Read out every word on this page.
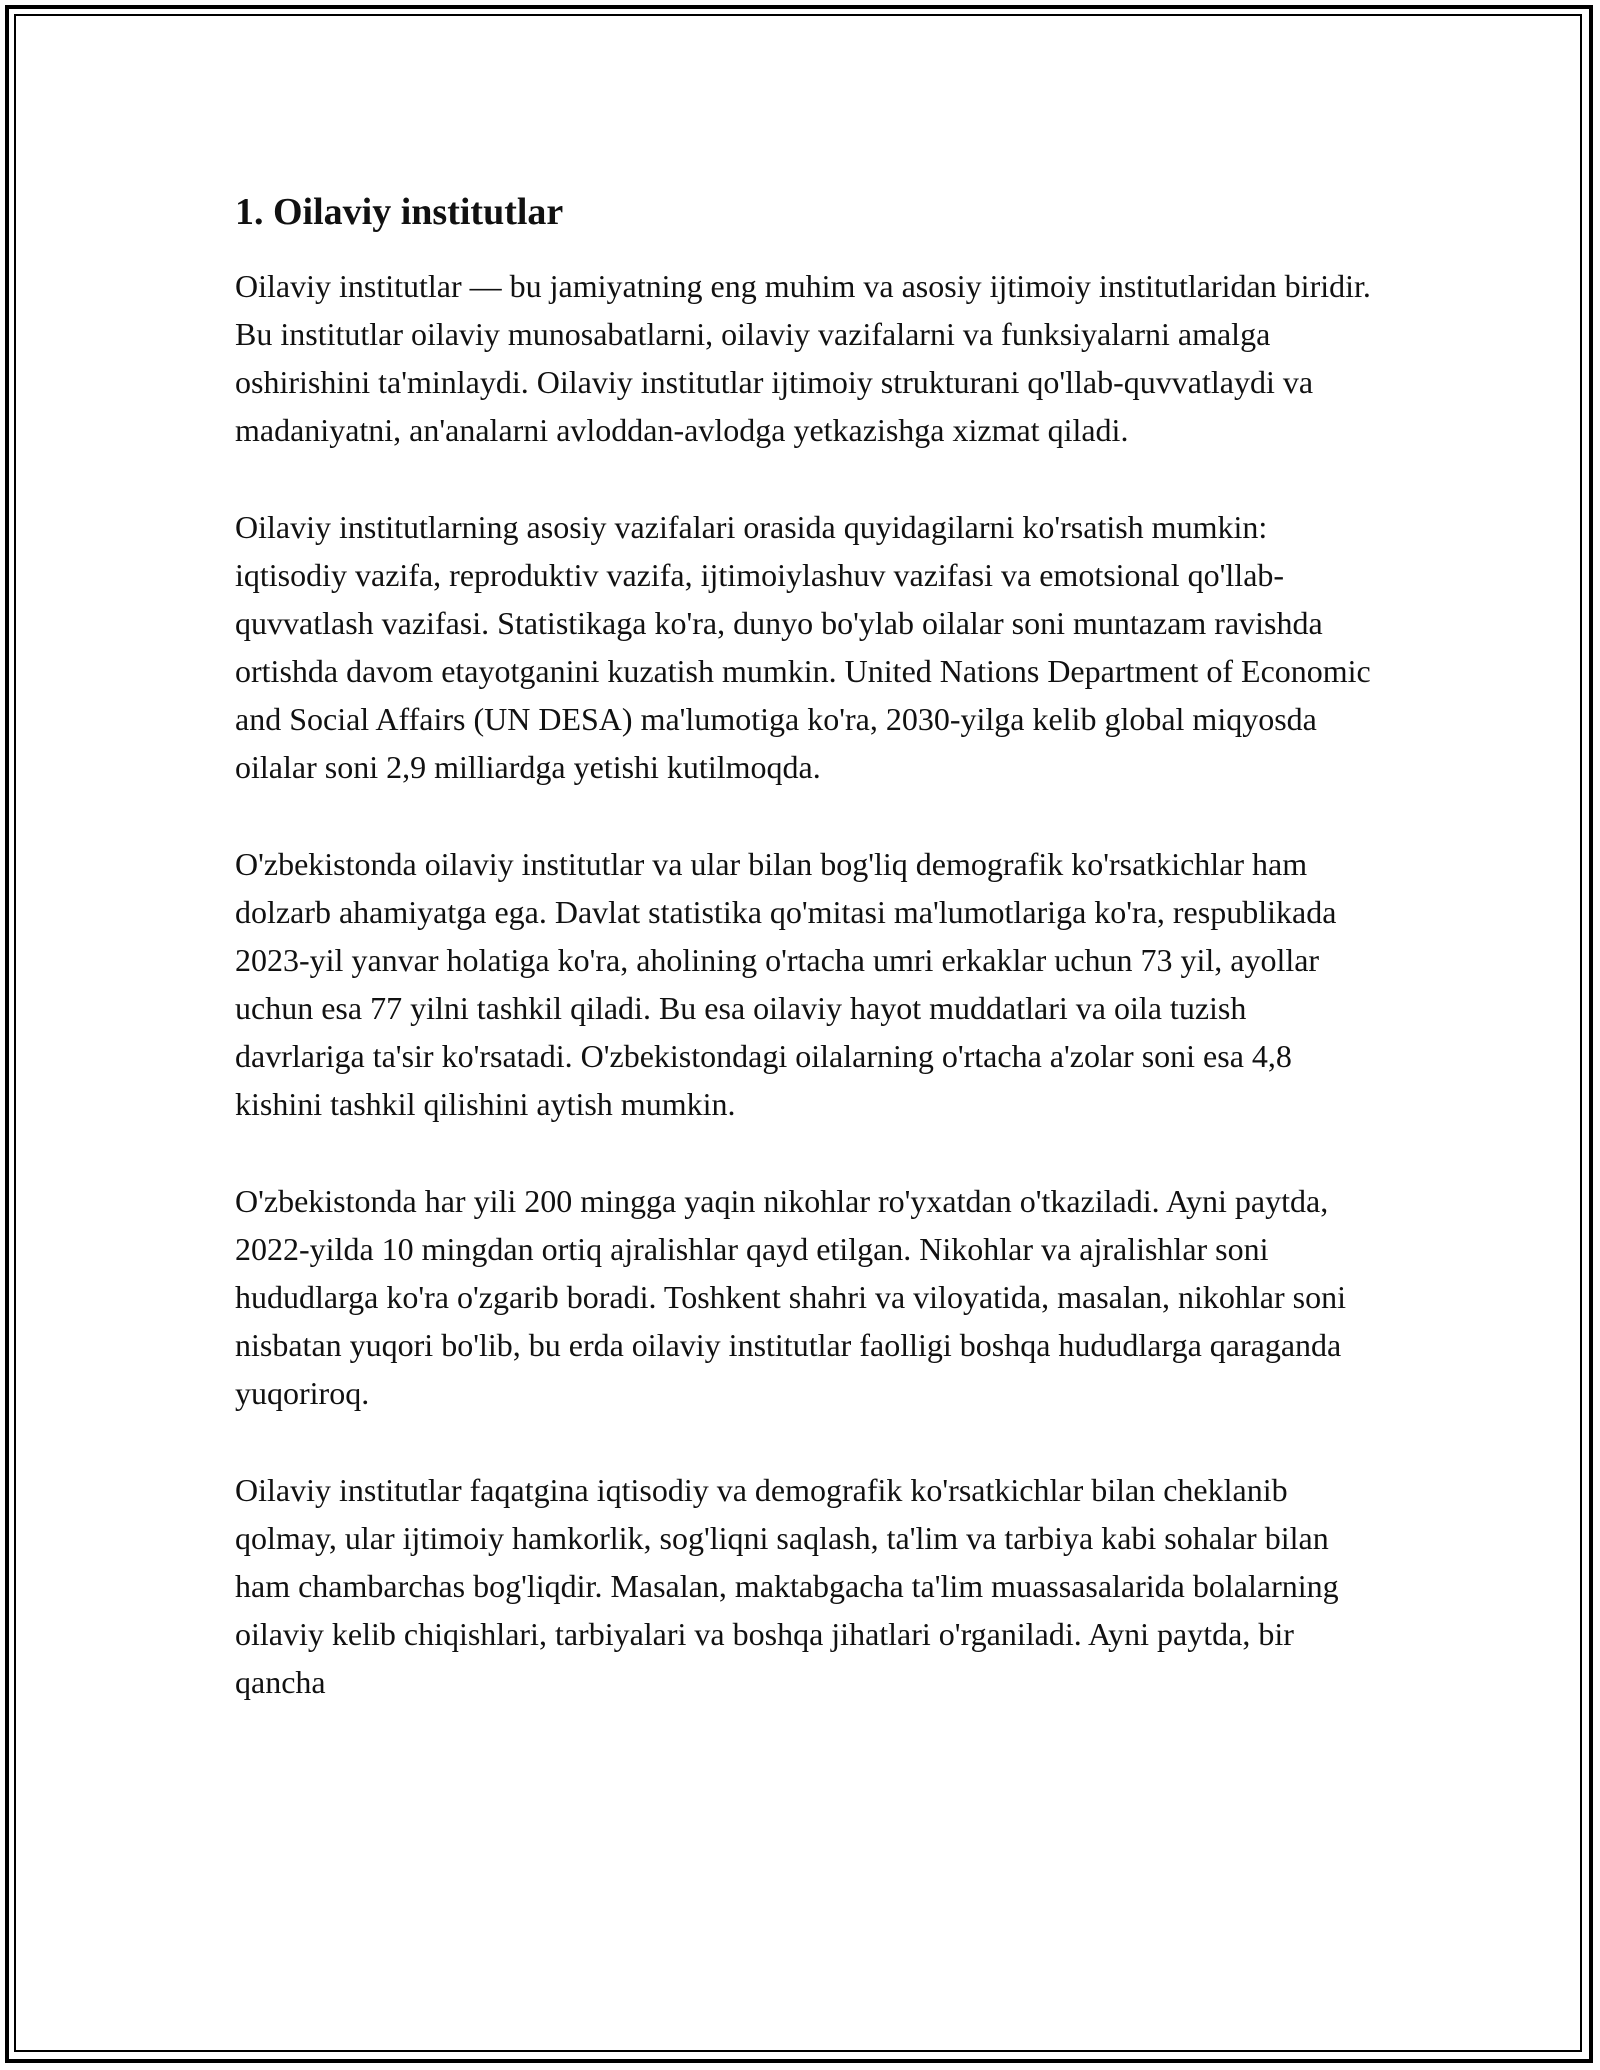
1. Oilaviy institutlar

Oilaviy institutlar — bu jamiyatning eng muhim va asosiy ijtimoiy institutlaridan biridir. Bu institutlar oilaviy munosabatlarni, oilaviy vazifalarni va funksiyalarni amalga oshirishini ta'minlaydi. Oilaviy institutlar ijtimoiy strukturani qo'llab-quvvatlaydi va madaniyatni, an'analarni avloddan-avlodga yetkazishga xizmat qiladi.

Oilaviy institutlarning asosiy vazifalari orasida quyidagilarni ko'rsatish mumkin: iqtisodiy vazifa, reproduktiv vazifa, ijtimoiylashuv vazifasi va emotsional qo'llab-quvvatlash vazifasi. Statistikaga ko'ra, dunyo bo'ylab oilalar soni muntazam ravishda ortishda davom etayotganini kuzatish mumkin. United Nations Department of Economic and Social Affairs (UN DESA) ma'lumotiga ko'ra, 2030-yilga kelib global miqyosda oilalar soni 2,9 milliardga yetishi kutilmoqda.

O'zbekistonda oilaviy institutlar va ular bilan bog'liq demografik ko'rsatkichlar ham dolzarb ahamiyatga ega. Davlat statistika qo'mitasi ma'lumotlariga ko'ra, respublikada 2023-yil yanvar holatiga ko'ra, aholining o'rtacha umri erkaklar uchun 73 yil, ayollar uchun esa 77 yilni tashkil qiladi. Bu esa oilaviy hayot muddatlari va oila tuzish davrlariga ta'sir ko'rsatadi. O'zbekistondagi oilalarning o'rtacha a'zolar soni esa 4,8 kishini tashkil qilishini aytish mumkin.

O'zbekistonda har yili 200 mingga yaqin nikohlar ro'yxatdan o'tkaziladi. Ayni paytda, 2022-yilda 10 mingdan ortiq ajralishlar qayd etilgan. Nikohlar va ajralishlar soni hududlarga ko'ra o'zgarib boradi. Toshkent shahri va viloyatida, masalan, nikohlar soni nisbatan yuqori bo'lib, bu erda oilaviy institutlar faolligi boshqa hududlarga qaraganda yuqoriroq.

Oilaviy institutlar faqatgina iqtisodiy va demografik ko'rsatkichlar bilan cheklanib qolmay, ular ijtimoiy hamkorlik, sog'liqni saqlash, ta'lim va tarbiya kabi sohalar bilan ham chambarchas bog'liqdir. Masalan, maktabgacha ta'lim muassasalarida bolalarning oilaviy kelib chiqishlari, tarbiyalari va boshqa jihatlari o'rganiladi. Ayni paytda, bir qancha
